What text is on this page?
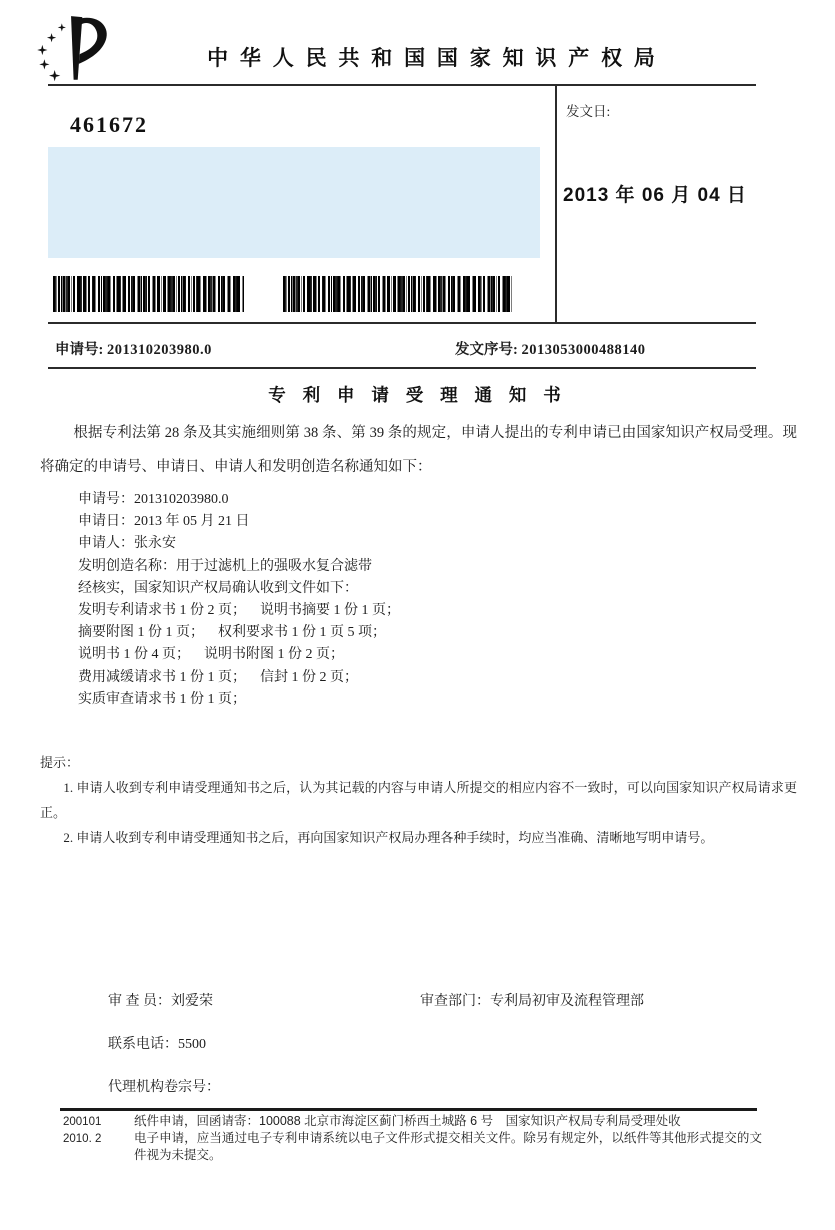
中 华 人 民 共 和 国 国 家 知 识 产 权 局
461672
发文日:
2013 年 06 月 04 日
申请号: 201310203980.0	发文序号: 2013053000488140
专 利 申 请 受 理 通 知 书
根据专利法第 28 条及其实施细则第 38 条、第 39 条的规定，申请人提出的专利申请已由国家知识产权局受理。现将确定的申请号、申请日、申请人和发明创造名称通知如下：
申请号：201310203980.0
申请日：2013 年 05 月 21 日
申请人：张永安
发明创造名称：用于过滤机上的强吸水复合滤带
经核实，国家知识产权局确认收到文件如下：
发明专利请求书 1 份 2 页；    说明书摘要 1 份 1 页；
摘要附图 1 份 1 页；    权利要求书 1 份 1 页 5 项；
说明书 1 份 4 页；    说明书附图 1 份 2 页；
费用减缓请求书 1 份 1 页；    信封 1 份 2 页；
实质审查请求书 1 份 1 页；
提示：
1. 申请人收到专利申请受理通知书之后，认为其记载的内容与申请人所提交的相应内容不一致时，可以向国家知识产权局请求更正。
2. 申请人收到专利申请受理通知书之后，再向国家知识产权局办理各种手续时，均应当准确、清晰地写明申请号。
审 查 员：刘爱荣	审查部门：专利局初审及流程管理部
联系电话：5500
代理机构卷宗号：
200101
2010. 2
纸件申请，回函请寄：100088 北京市海淀区蓟门桥西土城路 6 号　国家知识产权局专利局受理处收
电子申请，应当通过电子专利申请系统以电子文件形式提交相关文件。除另有规定外，以纸件等其他形式提交的文件视为未提交。
